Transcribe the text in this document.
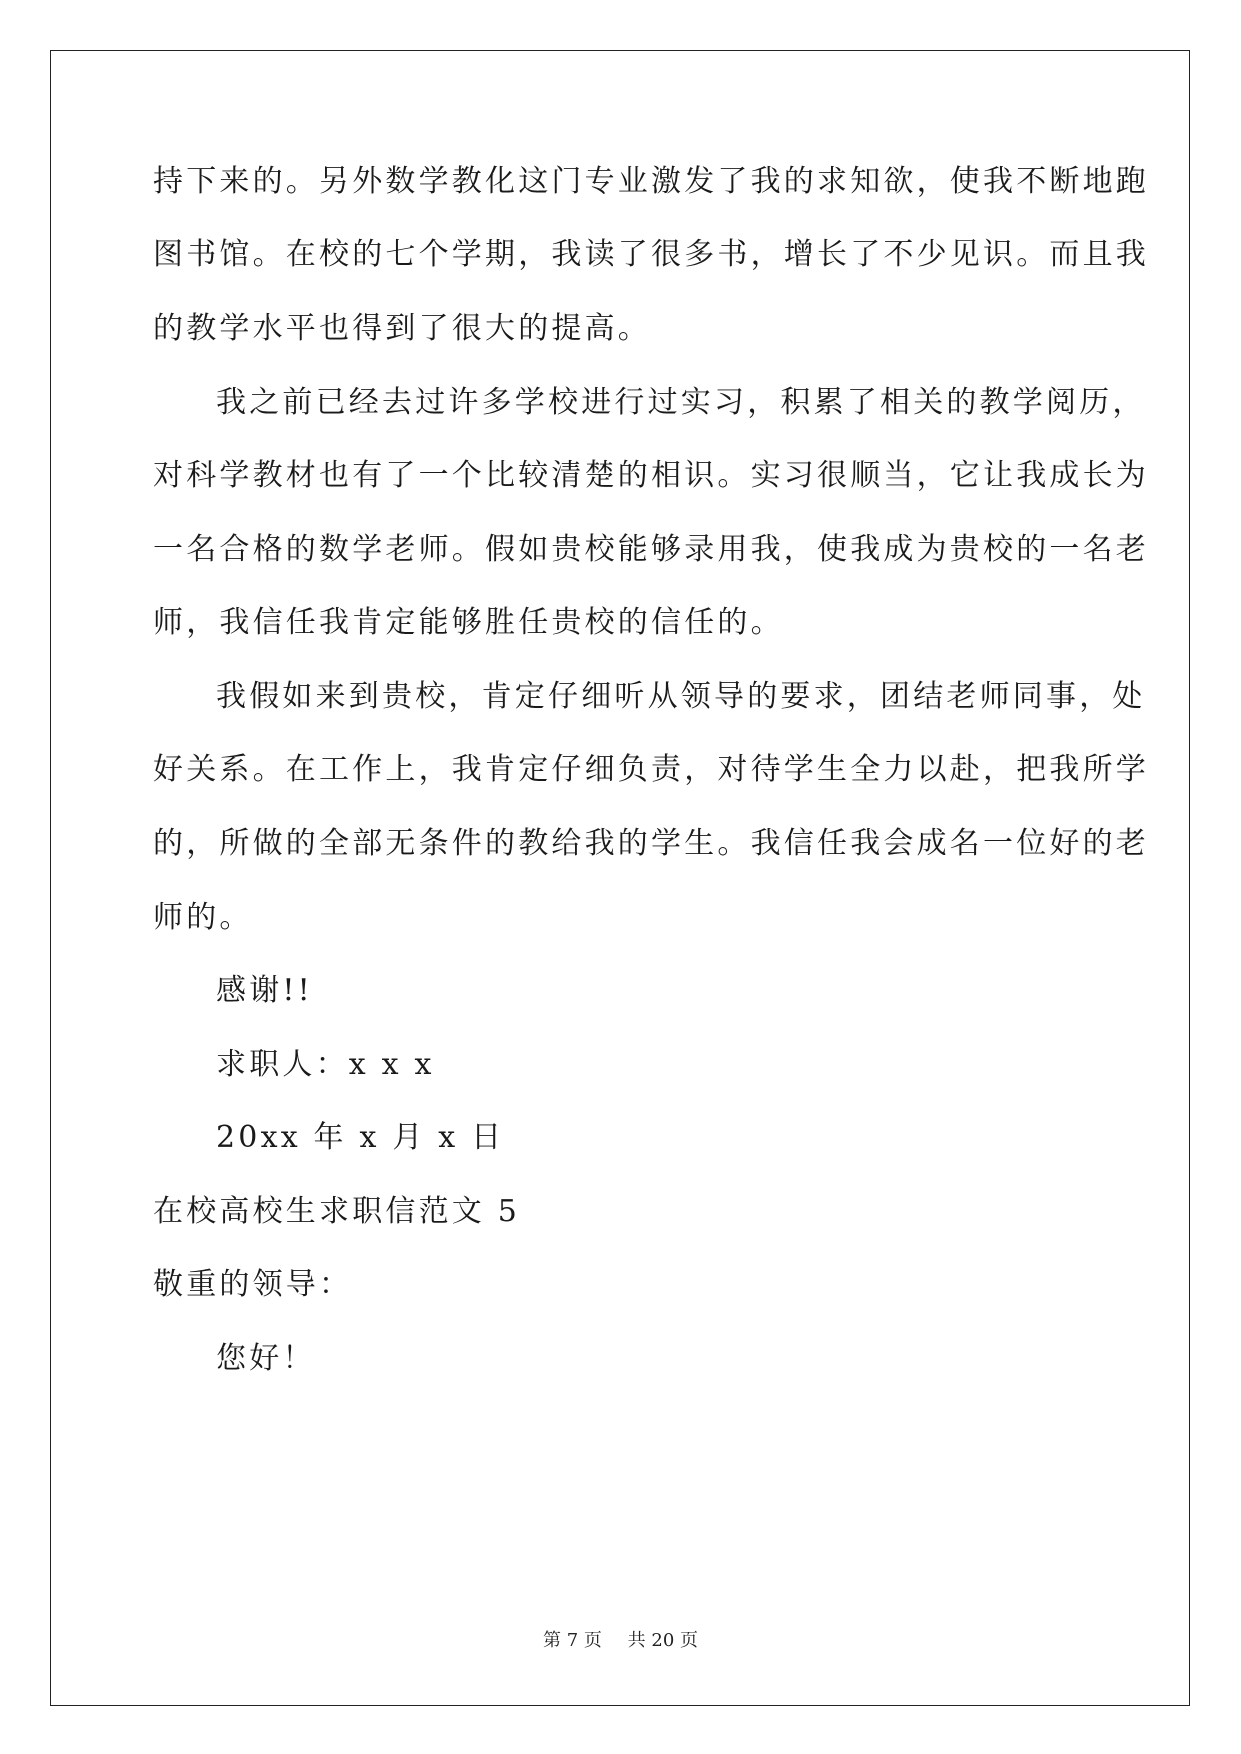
持下来的。另外数学教化这门专业激发了我的求知欲，使我不断地跑
图书馆。在校的七个学期，我读了很多书，增长了不少见识。而且我
的教学水平也得到了很大的提高。
我之前已经去过许多学校进行过实习，积累了相关的教学阅历，
对科学教材也有了一个比较清楚的相识。实习很顺当，它让我成长为
一名合格的数学老师。假如贵校能够录用我，使我成为贵校的一名老
师，我信任我肯定能够胜任贵校的信任的。
我假如来到贵校，肯定仔细听从领导的要求，团结老师同事，处
好关系。在工作上，我肯定仔细负责，对待学生全力以赴，把我所学
的，所做的全部无条件的教给我的学生。我信任我会成名一位好的老
师的。
感谢!!
求职人：x x x
20xx 年 x 月 x 日
在校高校生求职信范文 5
敬重的领导：
您好！
第 7 页 共 20 页
